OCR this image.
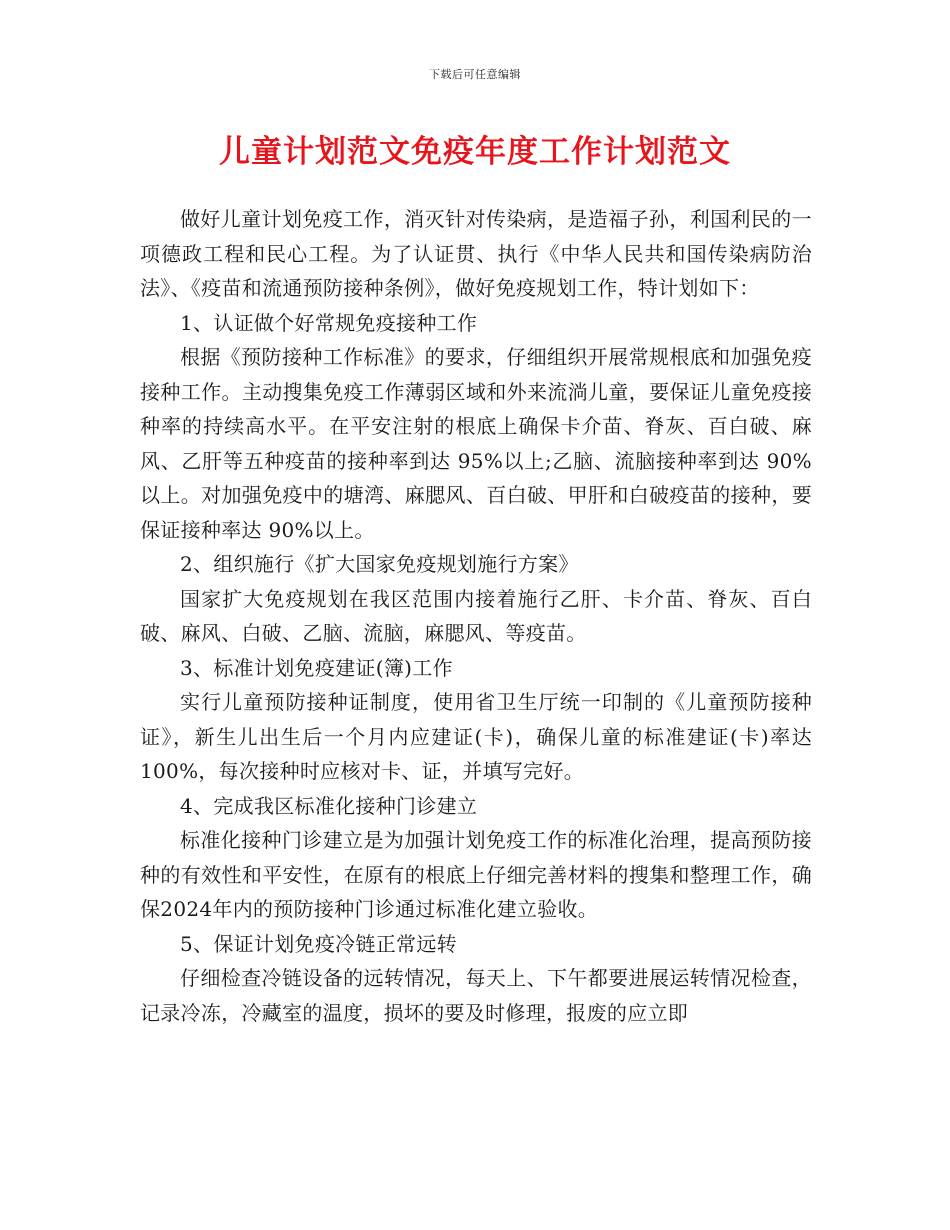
下载后可任意编辑
儿童计划范文免疫年度工作计划范文

做好儿童计划免疫工作，消灭针对传染病，是造福子孙，利国利民的一项德政工程和民心工程。为了认证贯、执行《中华人民共和国传染病防治法》、《疫苗和流通预防接种条例》，做好免疫规划工作，特计划如下：

1、认证做个好常规免疫接种工作

根据《预防接种工作标准》的要求，仔细组织开展常规根底和加强免疫接种工作。主动搜集免疫工作薄弱区域和外来流淌儿童，要保证儿童免疫接种率的持续高水平。在平安注射的根底上确保卡介苗、脊灰、百白破、麻风、乙肝等五种疫苗的接种率到达 95%以上;乙脑、流脑接种率到达 90%以上。对加强免疫中的塘湾、麻腮风、百白破、甲肝和白破疫苗的接种，要保证接种率达 90%以上。

2、组织施行《扩大国家免疫规划施行方案》

国家扩大免疫规划在我区范围内接着施行乙肝、卡介苗、脊灰、百白破、麻风、白破、乙脑、流脑，麻腮风、等疫苗。

3、标准计划免疫建证(簿)工作

实行儿童预防接种证制度，使用省卫生厅统一印制的《儿童预防接种证》，新生儿出生后一个月内应建证(卡)，确保儿童的标准建证(卡)率达 100%，每次接种时应核对卡、证，并填写完好。

4、完成我区标准化接种门诊建立

标准化接种门诊建立是为加强计划免疫工作的标准化治理，提高预防接种的有效性和平安性，在原有的根底上仔细完善材料的搜集和整理工作，确保2024年内的预防接种门诊通过标准化建立验收。

5、保证计划免疫冷链正常远转

仔细检查冷链设备的远转情况，每天上、下午都要进展运转情况检查，记录冷冻，冷藏室的温度，损坏的要及时修理，报废的应立即
